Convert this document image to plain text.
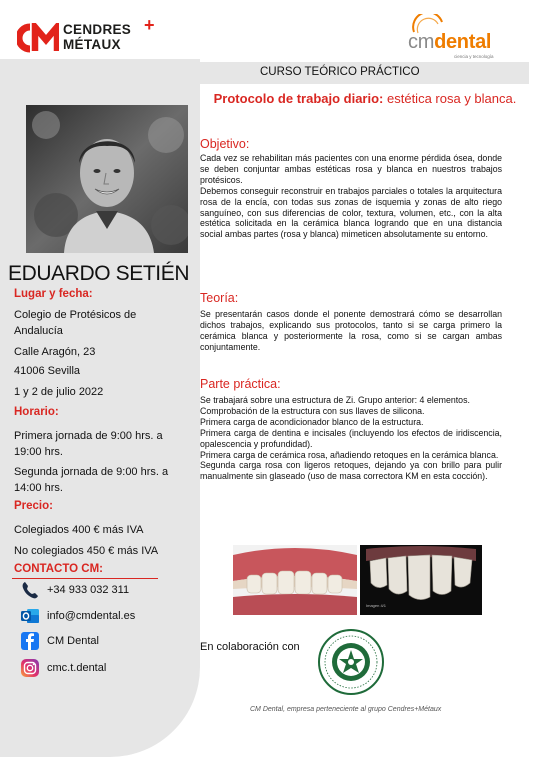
CENDRES +
MÉTAUX	cmdental
ciencia y tecnología
EDUARDO SETIÉN
Lugar y fecha:
Colegio de Protésicos de
Andalucía
Calle Aragón, 23
41006 Sevilla
1 y 2 de julio 2022
Horario:
Primera jornada de 9:00 hrs. a
19:00 hrs.
Segunda jornada de 9:00 hrs. a
14:00 hrs.
Precio:
Colegiados 400 € más IVA
No colegiados 450 € más IVA
CONTACTO CM:
+34 933 032 311
info@cmdental.es
CM Dental
cmc.t.dental
CURSO TEÓRICO PRÁCTICO
Protocolo de trabajo diario: estética rosa y blanca.
Objetivo:

Cada vez se rehabilitan más pacientes con una enorme pérdida ósea, donde se deben conjuntar ambas estéticas rosa y blanca en nuestros trabajos protésicos.

Debemos conseguir reconstruir en trabajos parciales o totales la arquitectura rosa de la encía, con todas sus zonas de isquemia y zonas de alto riego sanguíneo, con sus diferencias de color, textura, volumen, etc., con la alta estética solicitada en la cerámica blanca logrando que en una distancia social ambas partes (rosa y blanca) mimeticen absolutamente su entorno.

Teoría:

Se presentarán casos donde el ponente demostrará cómo se desarrollan dichos trabajos, explicando sus protocolos, tanto si se carga primero la cerámica blanca y posteriormente la rosa, como si se cargan ambas conjuntamente.

Parte práctica:

Se trabajará sobre una estructura de Zi. Grupo anterior: 4 elementos.

Comprobación de la estructura con sus llaves de silicona.

Primera carga de acondicionador blanco de la estructura.

Primera carga de dentina e incisales (incluyendo los efectos de iridiscencia, opalescencia y profundidad).

Primera carga de cerámica rosa, añadiendo retoques en la cerámica blanca.

Segunda carga rosa con ligeros retoques, dejando ya con brillo para pulir manualmente sin glaseado (uso de masa correctora KM en esta cocción).

Imagen 4/1
En colaboración con
CM Dental, empresa perteneciente al grupo Cendres+Métaux
